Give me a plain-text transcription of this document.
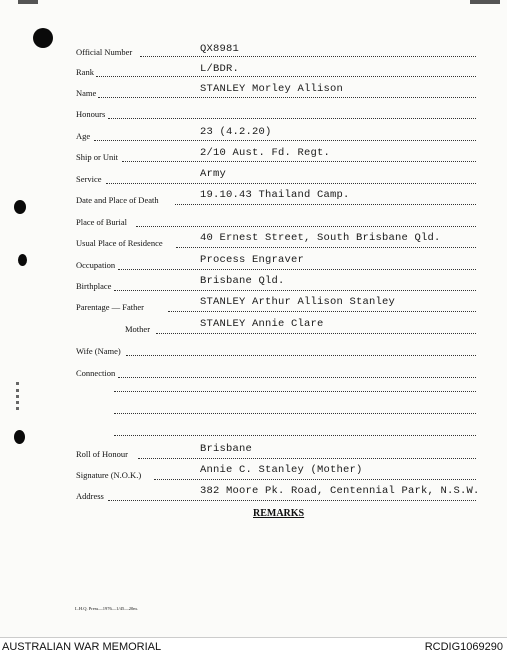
Official Number	QX8981
Rank	L/BDR.
Name	STANLEY Morley Allison
Honours
Age	23 (4.2.20)
Ship or Unit	2/10 Aust. Fd. Regt.
Service	Army
Date and Place of Death	19.10.43 Thailand Camp.
Place of Burial
Usual Place of Residence	40 Ernest Street, South Brisbane Qld.
Occupation	Process Engraver
Birthplace	Brisbane Qld.
Parentage — Father	STANLEY Arthur Allison Stanley
Mother	STANLEY Annie Clare
Wife (Name)
Connection
Roll of Honour	Brisbane
Signature (N.O.K.)	Annie C. Stanley (Mother)
Address	382 Moore Pk. Road, Centennial Park, N.S.W.
REMARKS
L.H.Q. Press—1976—1/45—20m.
AUSTRALIAN WAR MEMORIAL	RCDIG1069290
